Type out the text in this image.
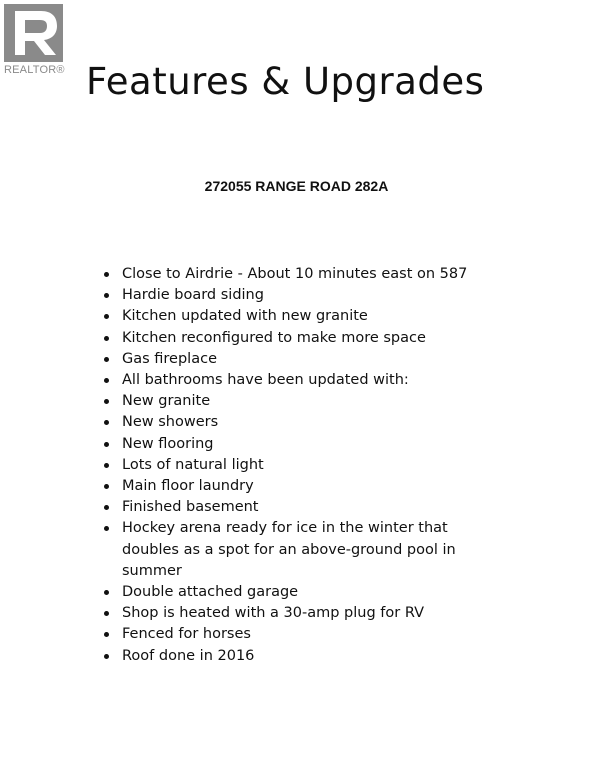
REALTOR® Features & Upgrades
272055 RANGE ROAD 282A
Close to Airdrie - About 10 minutes east on 587
Hardie board siding
Kitchen updated with new granite
Kitchen reconfigured to make more space
Gas fireplace
All bathrooms have been updated with:
New granite
New showers
New flooring
Lots of natural light
Main floor laundry
Finished basement
Hockey arena ready for ice in the winter that doubles as a spot for an above-ground pool in summer
Double attached garage
Shop is heated with a 30-amp plug for RV
Fenced for horses
Roof done in 2016
